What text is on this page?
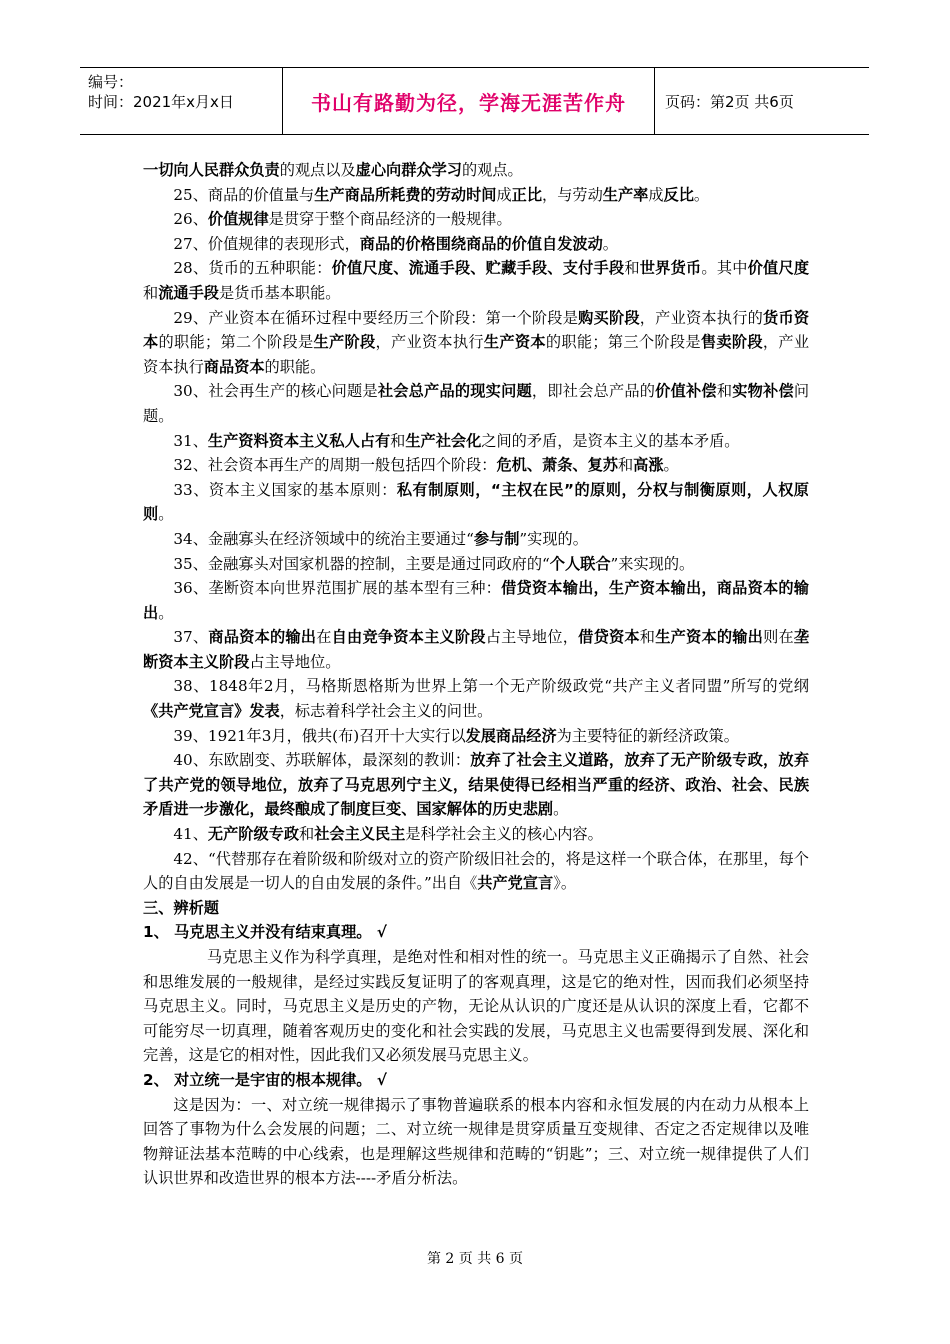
编号：
时间：2021年x月x日	书山有路勤为径，学海无涯苦作舟	页码：第2页 共6页

一切向人民群众负责的观点以及虚心向群众学习的观点。

25、商品的价值量与生产商品所耗费的劳动时间成正比，与劳动生产率成反比。

26、价值规律是贯穿于整个商品经济的一般规律。

27、价值规律的表现形式，商品的价格围绕商品的价值自发波动。

28、货币的五种职能：价值尺度、流通手段、贮藏手段、支付手段和世界货币。其中价值尺度和流通手段是货币基本职能。

29、产业资本在循环过程中要经历三个阶段：第一个阶段是购买阶段，产业资本执行的货币资本的职能；第二个阶段是生产阶段，产业资本执行生产资本的职能；第三个阶段是售卖阶段，产业资本执行商品资本的职能。

30、社会再生产的核心问题是社会总产品的现实问题，即社会总产品的价值补偿和实物补偿问题。

31、生产资料资本主义私人占有和生产社会化之间的矛盾，是资本主义的基本矛盾。

32、社会资本再生产的周期一般包括四个阶段：危机、萧条、复苏和高涨。

33、资本主义国家的基本原则：私有制原则，“主权在民”的原则，分权与制衡原则，人权原则。

34、金融寡头在经济领域中的统治主要通过“参与制”实现的。

35、金融寡头对国家机器的控制，主要是通过同政府的“个人联合”来实现的。

36、垄断资本向世界范围扩展的基本型有三种：借贷资本输出，生产资本输出，商品资本的输出。

37、商品资本的输出在自由竞争资本主义阶段占主导地位，借贷资本和生产资本的输出则在垄断资本主义阶段占主导地位。

38、1848年2月，马格斯恩格斯为世界上第一个无产阶级政党“共产主义者同盟”所写的党纲《共产党宣言》发表，标志着科学社会主义的问世。

39、1921年3月，俄共(布)召开十大实行以发展商品经济为主要特征的新经济政策。

40、东欧剧变、苏联解体，最深刻的教训：放弃了社会主义道路，放弃了无产阶级专政，放弃了共产党的领导地位，放弃了马克思列宁主义，结果使得已经相当严重的经济、政治、社会、民族矛盾进一步激化，最终酿成了制度巨变、国家解体的历史悲剧。

41、无产阶级专政和社会主义民主是科学社会主义的核心内容。

42、“代替那存在着阶级和阶级对立的资产阶级旧社会的，将是这样一个联合体，在那里，每个人的自由发展是一切人的自由发展的条件。”出自《共产党宣言》。

三、辨析题

1、 马克思主义并没有结束真理。 √

马克思主义作为科学真理，是绝对性和相对性的统一。马克思主义正确揭示了自然、社会和思维发展的一般规律，是经过实践反复证明了的客观真理，这是它的绝对性，因而我们必须坚持马克思主义。同时，马克思主义是历史的产物，无论从认识的广度还是从认识的深度上看，它都不可能穷尽一切真理，随着客观历史的变化和社会实践的发展，马克思主义也需要得到发展、深化和完善，这是它的相对性，因此我们又必须发展马克思主义。

2、 对立统一是宇宙的根本规律。 √

这是因为：一、对立统一规律揭示了事物普遍联系的根本内容和永恒发展的内在动力从根本上回答了事物为什么会发展的问题；二、对立统一规律是贯穿质量互变规律、否定之否定规律以及唯物辩证法基本范畴的中心线索，也是理解这些规律和范畴的“钥匙”；三、对立统一规律提供了人们认识世界和改造世界的根本方法----矛盾分析法。

第 2 页 共 6 页
